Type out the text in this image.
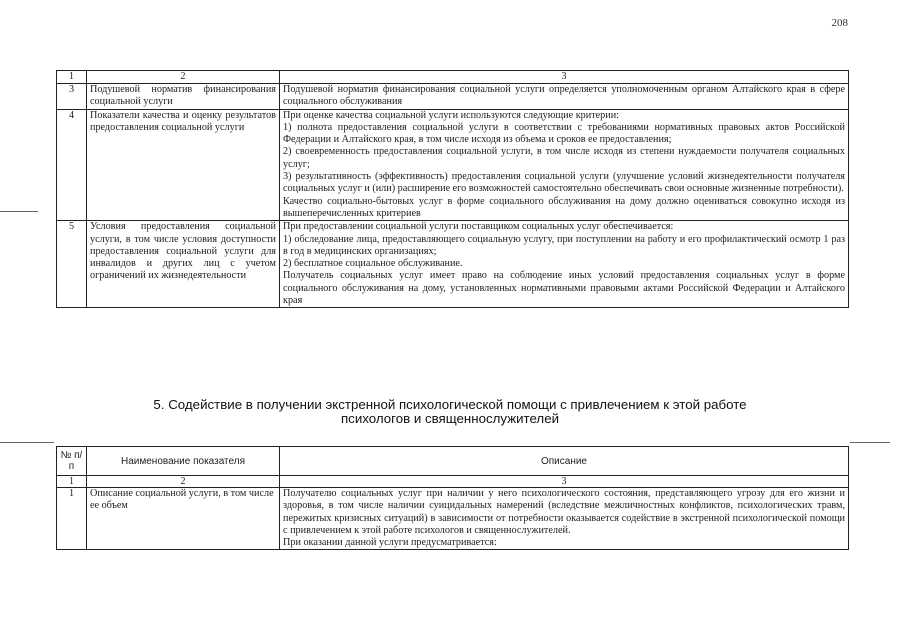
208
1	2	3
3	Подушевой норматив финансирования социальной услуги	Подушевой норматив финансирования социальной услуги определяется уполномоченным органом Алтайского края в сфере социального обслуживания

4	Показатели качества и оценку результатов предоставления социальной услуги	При оценке качества социальной услуги используются следующие критерии:
1) полнота предоставления социальной услуги в соответствии с требованиями нормативных правовых актов Российской Федерации и Алтайского края, в том числе исходя из объема и сроков ее предоставления;
2) своевременность предоставления социальной услуги, в том числе исходя из степени нуждаемости получателя социальных услуг;
3) результативность (эффективность) предоставления социальной услуги (улучшение условий жизнедеятельности получателя социальных услуг и (или) расширение его возможностей самостоятельно обеспечивать свои основные жизненные потребности).
Качество социально-бытовых услуг в форме социального обслуживания на дому должно оцениваться совокупно исходя из вышеперечисленных критериев

5	Условия предоставления социальной услуги, в том числе условия доступности предоставления социальной услуги для инвалидов и других лиц с учетом ограничений их жизнедеятельности	При предоставлении социальной услуги поставщиком социальных услуг обеспечивается:
1) обследование лица, предоставляющего социальную услугу, при поступлении на работу и его профилактический осмотр 1 раз в год в медицинских организациях;
2) бесплатное социальное обслуживание.
Получатель социальных услуг имеет право на соблюдение иных условий предоставления социальных услуг в форме социального обслуживания на дому, установленных нормативными правовыми актами Российской Федерации и Алтайского края
5. Содействие в получении экстренной психологической помощи с привлечением к этой работе
психологов и священнослужителей
№ п/п	Наименование показателя	Описание
1	2	3
1	Описание социальной услуги, в том числе ее объем	Получателю социальных услуг при наличии у него психологического состояния, представляющего угрозу для его жизни и здоровья, в том числе наличии суицидальных намерений (вследствие межличностных конфликтов, психологических травм, пережитых кризисных ситуаций) в зависимости от потребности оказывается содействие в экстренной психологической помощи с привлечением к этой работе психологов и священнослужителей.
При оказании данной услуги предусматривается:
